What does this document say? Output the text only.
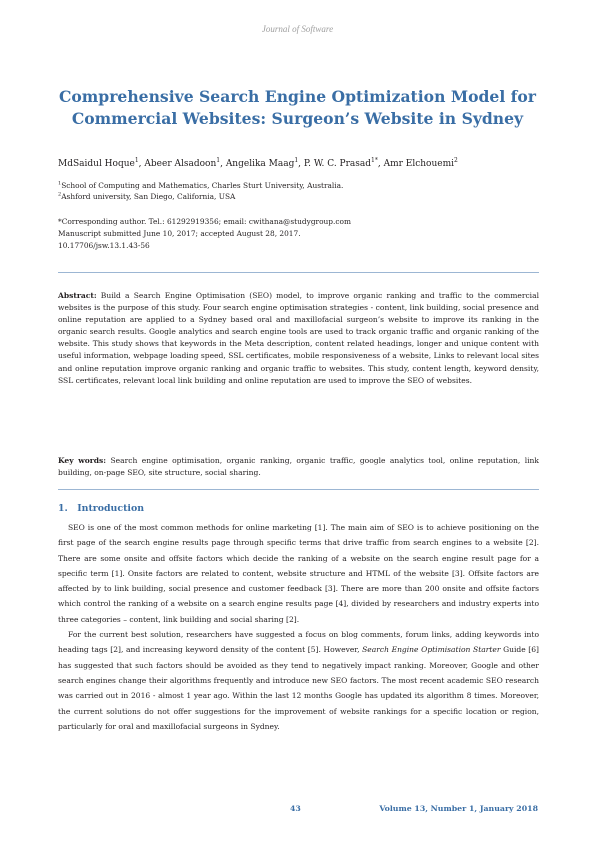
Journal of Software
Comprehensive Search Engine Optimization Model for
Commercial Websites: Surgeon’s Website in Sydney
MdSaidul Hoque$^1$, Abeer Alsadoon$^1$, Angelika Maag$^1$, P. W. C. Prasad$^{1*}$, Amr Elchouemi$^2$
$^1$School of Computing and Mathematics, Charles Sturt University, Australia.
$^2$Ashford university, San Diego, California, USA
*Corresponding author. Tel.: 61292919356; email: cwithana@studygroup.com
Manuscript submitted June 10, 2017; accepted August 28, 2017.
10.17706/jsw.13.1.43-56

Abstract: Build a Search Engine Optimisation (SEO) model, to improve organic ranking and traffic to the commercial websites is the purpose of this study. Four search engine optimisation strategies - content, link building, social presence and online reputation are applied to a Sydney based oral and maxillofacial surgeon’s website to improve its ranking in the organic search results. Google analytics and search engine tools are used to track organic traffic and organic ranking of the website. This study shows that keywords in the Meta description, content related headings, longer and unique content with useful information, webpage loading speed, SSL certificates, mobile responsiveness of a website, Links to relevant local sites and online reputation improve organic ranking and organic traffic to websites. This study, content length, keyword density, SSL certificates, relevant local link building and online reputation are used to improve the SEO of websites.

Key words: Search engine optimisation, organic ranking, organic traffic, google analytics tool, online reputation, link building, on-page SEO, site structure, social sharing.

1. Introduction

SEO is one of the most common methods for online marketing [1]. The main aim of SEO is to achieve positioning on the first page of the search engine results page through specific terms that drive traffic from search engines to a website [2]. There are some onsite and offsite factors which decide the ranking of a website on the search engine result page for a specific term [1]. Onsite factors are related to content, website structure and HTML of the website [3]. Offsite factors are affected by to link building, social presence and customer feedback [3]. There are more than 200 onsite and offsite factors which control the ranking of a website on a search engine results page [4], divided by researchers and industry experts into three categories – content, link building and social sharing [2].

For the current best solution, researchers have suggested a focus on blog comments, forum links, adding keywords into heading tags [2], and increasing keyword density of the content [5]. However, Search Engine Optimisation Starter Guide [6] has suggested that such factors should be avoided as they tend to negatively impact ranking. Moreover, Google and other search engines change their algorithms frequently and introduce new SEO factors. The most recent academic SEO research was carried out in 2016 - almost 1 year ago. Within the last 12 months Google has updated its algorithm 8 times. Moreover, the current solutions do not offer suggestions for the improvement of website rankings for a specific location or region, particularly for oral and maxillofacial surgeons in Sydney.

43	Volume 13, Number 1, January 2018
